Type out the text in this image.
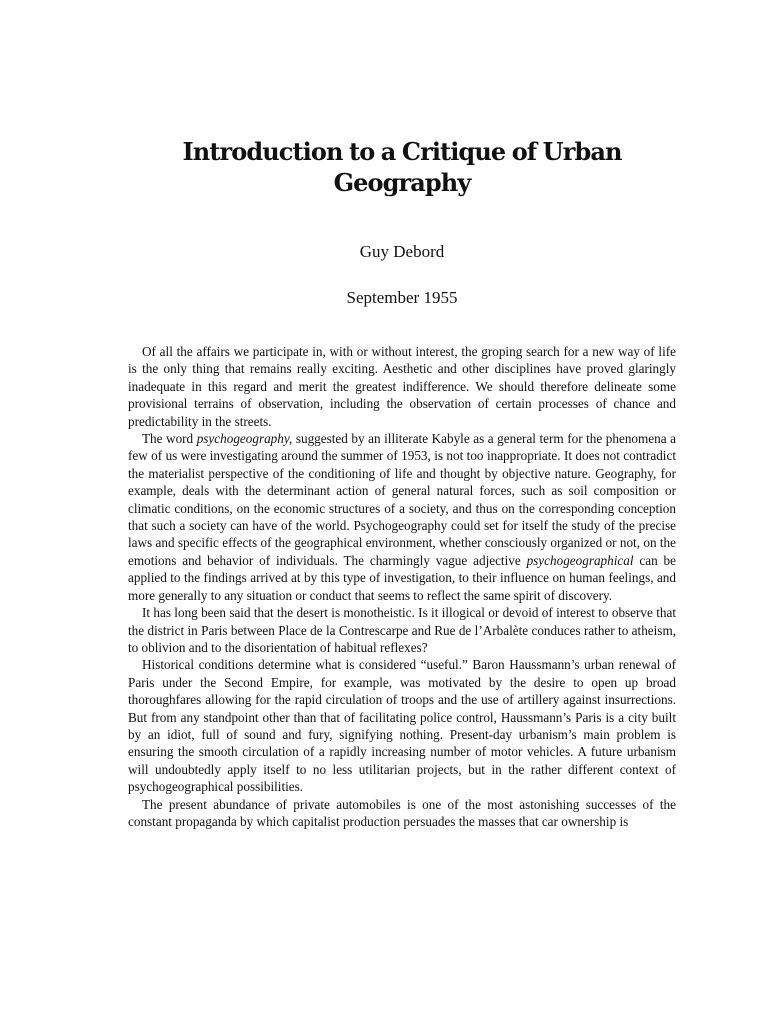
Introduction to a Critique of Urban Geography
Guy Debord
September 1955

Of all the affairs we participate in, with or without interest, the groping search for a new way of life is the only thing that remains really exciting. Aesthetic and other disciplines have proved glaringly inadequate in this regard and merit the greatest indifference. We should therefore delineate some provisional terrains of observation, including the observation of certain processes of chance and predictability in the streets.

The word psychogeography, suggested by an illiterate Kabyle as a general term for the phenomena a few of us were investigating around the summer of 1953, is not too inappropriate. It does not contradict the materialist perspective of the conditioning of life and thought by objective nature. Geography, for example, deals with the determinant action of general natural forces, such as soil composition or climatic conditions, on the economic structures of a society, and thus on the corresponding conception that such a society can have of the world. Psychogeography could set for itself the study of the precise laws and specific effects of the geographical environment, whether consciously organized or not, on the emotions and behavior of individuals. The charmingly vague adjective psychogeographical can be applied to the findings arrived at by this type of investigation, to their influence on human feelings, and more generally to any situation or conduct that seems to reflect the same spirit of discovery.

It has long been said that the desert is monotheistic. Is it illogical or devoid of interest to observe that the district in Paris between Place de la Contrescarpe and Rue de l’Arbalète conduces rather to atheism, to oblivion and to the disorientation of habitual reflexes?

Historical conditions determine what is considered “useful.” Baron Haussmann’s urban renewal of Paris under the Second Empire, for example, was motivated by the desire to open up broad thoroughfares allowing for the rapid circulation of troops and the use of artillery against insurrections. But from any standpoint other than that of facilitating police control, Haussmann’s Paris is a city built by an idiot, full of sound and fury, signifying nothing. Present-day urbanism’s main problem is ensuring the smooth circulation of a rapidly increasing number of motor vehicles. A future urbanism will undoubtedly apply itself to no less utilitarian projects, but in the rather different context of psychogeographical possibilities.

The present abundance of private automobiles is one of the most astonishing successes of the constant propaganda by which capitalist production persuades the masses that car ownership is
